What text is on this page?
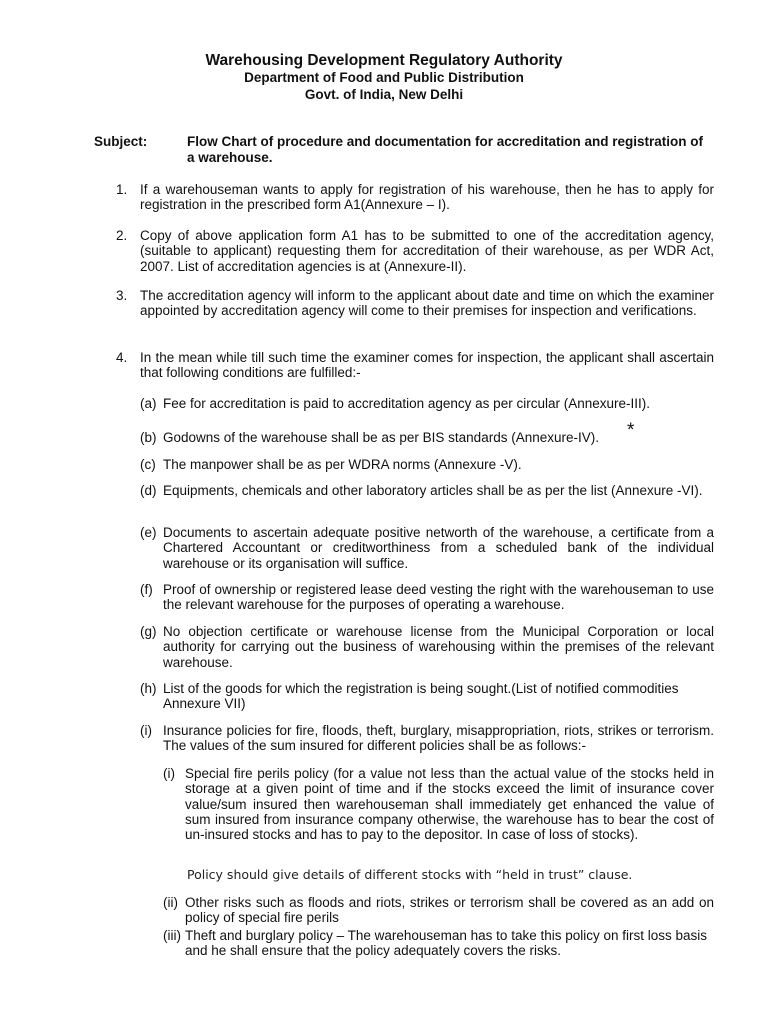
Warehousing Development Regulatory Authority
Department of Food and Public Distribution
Govt. of India, New Delhi
Subject:	Flow Chart of procedure and documentation for accreditation and registration of a warehouse.
1. If a warehouseman wants to apply for registration of his warehouse, then he has to apply for registration in the prescribed form A1(Annexure – I).
2. Copy of above application form A1 has to be submitted to one of the accreditation agency, (suitable to applicant) requesting them for accreditation of their warehouse, as per WDR Act, 2007. List of accreditation agencies is at (Annexure-II).
3. The accreditation agency will inform to the applicant about date and time on which the examiner appointed by accreditation agency will come to their premises for inspection and verifications.
4. In the mean while till such time the examiner comes for inspection, the applicant shall ascertain that following conditions are fulfilled:-
(a) Fee for accreditation is paid to accreditation agency as per circular (Annexure-III).
(b) Godowns of the warehouse shall be as per BIS standards (Annexure-IV).	*
(c) The manpower shall be as per WDRA norms (Annexure -V).
(d) Equipments, chemicals and other laboratory articles shall be as per the list (Annexure -VI).
(e) Documents to ascertain adequate positive networth of the warehouse, a certificate from a Chartered Accountant or creditworthiness from a scheduled bank of the individual warehouse or its organisation will suffice.
(f) Proof of ownership or registered lease deed vesting the right with the warehouseman to use the relevant warehouse for the purposes of operating a warehouse.
(g) No objection certificate or warehouse license from the Municipal Corporation or local authority for carrying out the business of warehousing within the premises of the relevant warehouse.
(h) List of the goods for which the registration is being sought.(List of notified commodities Annexure VII)
(i) Insurance policies for fire, floods, theft, burglary, misappropriation, riots, strikes or terrorism. The values of the sum insured for different policies shall be as follows:-
(i) Special fire perils policy (for a value not less than the actual value of the stocks held in storage at a given point of time and if the stocks exceed the limit of insurance cover value/sum insured then warehouseman shall immediately get enhanced the value of sum insured from insurance company otherwise, the warehouse has to bear the cost of un-insured stocks and has to pay to the depositor. In case of loss of stocks).
Policy should give details of different stocks with “held in trust” clause.
(ii) Other risks such as floods and riots, strikes or terrorism shall be covered as an add on policy of special fire perils
(iii) Theft and burglary policy – The warehouseman has to take this policy on first loss basis and he shall ensure that the policy adequately covers the risks.
